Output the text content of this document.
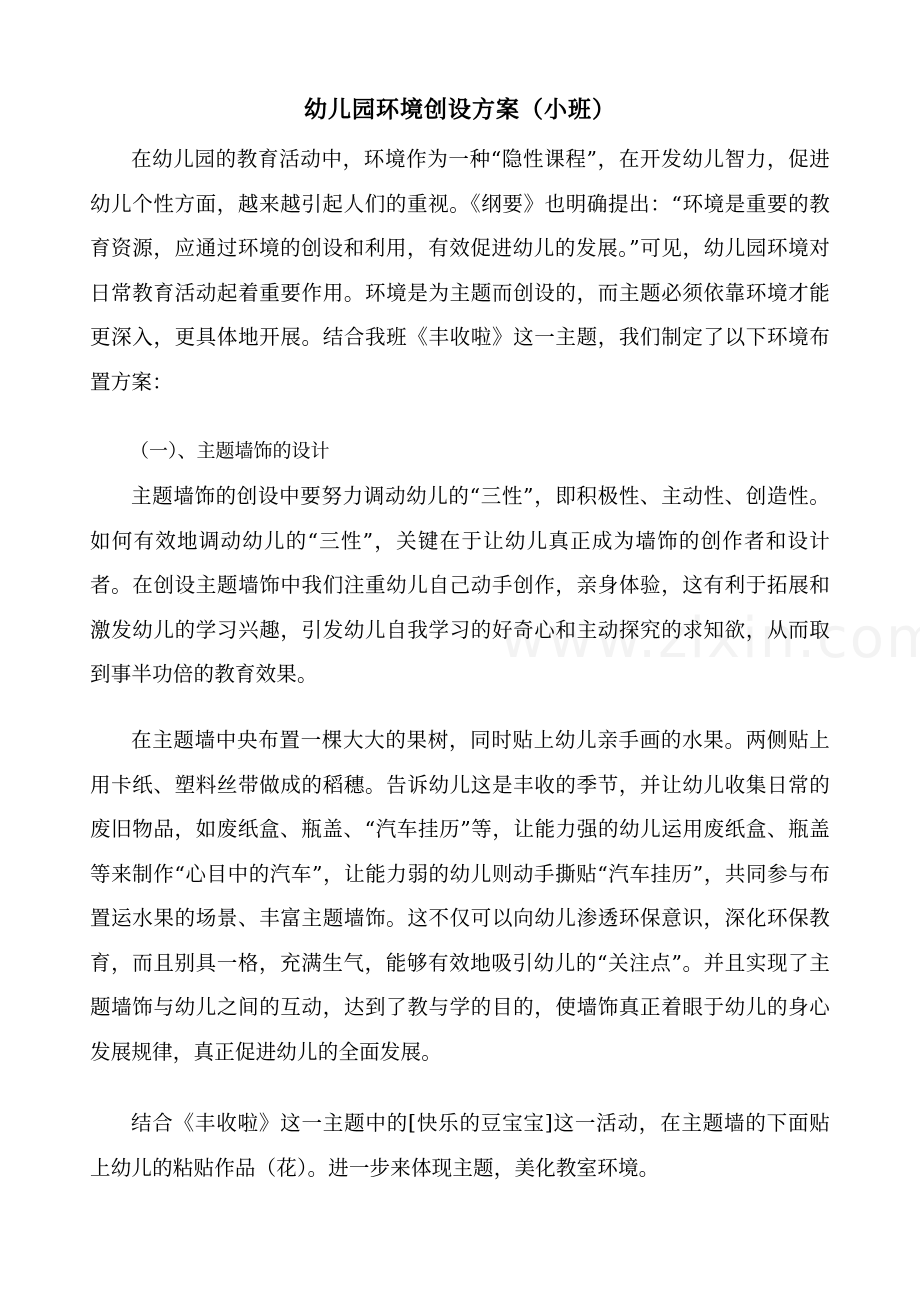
幼儿园环境创设方案（小班）

在幼儿园的教育活动中，环境作为一种“隐性课程”，在开发幼儿智力，促进幼儿个性方面，越来越引起人们的重视。《纲要》也明确提出：“环境是重要的教育资源，应通过环境的创设和利用，有效促进幼儿的发展。”可见，幼儿园环境对日常教育活动起着重要作用。环境是为主题而创设的，而主题必须依靠环境才能更深入，更具体地开展。结合我班《丰收啦》这一主题，我们制定了以下环境布置方案：

（一）、主题墙饰的设计

主题墙饰的创设中要努力调动幼儿的“三性”，即积极性、主动性、创造性。如何有效地调动幼儿的“三性”，关键在于让幼儿真正成为墙饰的创作者和设计者。在创设主题墙饰中我们注重幼儿自己动手创作，亲身体验，这有利于拓展和激发幼儿的学习兴趣，引发幼儿自我学习的好奇心和主动探究的求知欲，从而取到事半功倍的教育效果。

在主题墙中央布置一棵大大的果树，同时贴上幼儿亲手画的水果。两侧贴上用卡纸、塑料丝带做成的稻穗。告诉幼儿这是丰收的季节，并让幼儿收集日常的废旧物品，如废纸盒、瓶盖、“汽车挂历”等，让能力强的幼儿运用废纸盒、瓶盖等来制作“心目中的汽车”，让能力弱的幼儿则动手撕贴“汽车挂历”，共同参与布置运水果的场景、丰富主题墙饰。这不仅可以向幼儿渗透环保意识，深化环保教育，而且别具一格，充满生气，能够有效地吸引幼儿的“关注点”。并且实现了主题墙饰与幼儿之间的互动，达到了教与学的目的，使墙饰真正着眼于幼儿的身心发展规律，真正促进幼儿的全面发展。

结合《丰收啦》这一主题中的[快乐的豆宝宝]这一活动，在主题墙的下面贴上幼儿的粘贴作品（花）。进一步来体现主题，美化教室环境。
